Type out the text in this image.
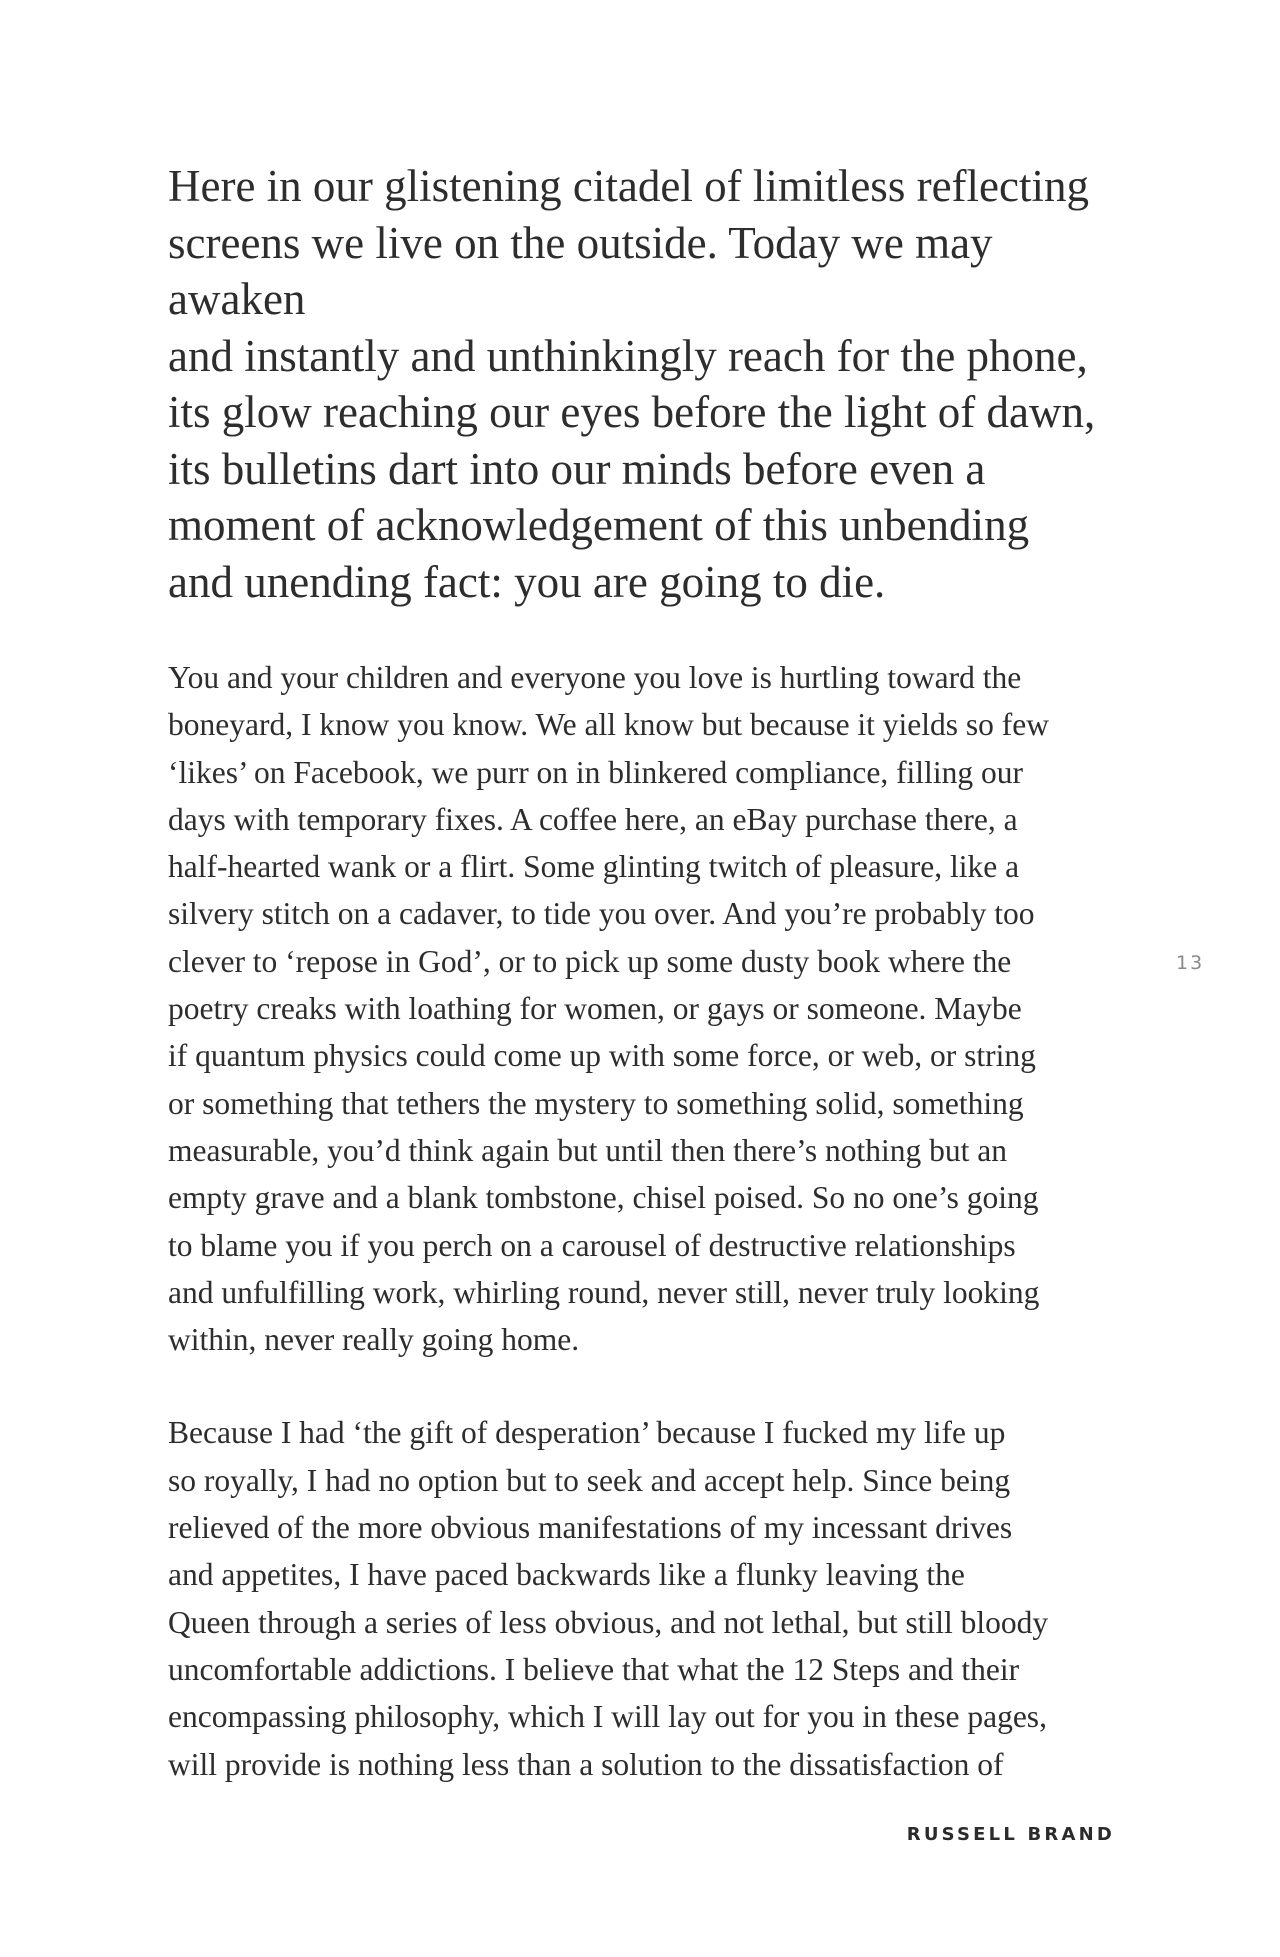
Here in our glistening citadel of limitless reflecting
screens we live on the outside. Today we may awaken
and instantly and unthinkingly reach for the phone,
its glow reaching our eyes before the light of dawn,
its bulletins dart into our minds before even a
moment of acknowledgement of this unbending
and unending fact: you are going to die.

You and your children and everyone you love is hurtling toward the
boneyard, I know you know. We all know but because it yields so few
‘likes’ on Facebook, we purr on in blinkered compliance, filling our
days with temporary fixes. A coffee here, an eBay purchase there, a
half-hearted wank or a flirt. Some glinting twitch of pleasure, like a
silvery stitch on a cadaver, to tide you over. And you’re probably too
clever to ‘repose in God’, or to pick up some dusty book where the
poetry creaks with loathing for women, or gays or someone. Maybe
if quantum physics could come up with some force, or web, or string
or something that tethers the mystery to something solid, something
measurable, you’d think again but until then there’s nothing but an
empty grave and a blank tombstone, chisel poised. So no one’s going
to blame you if you perch on a carousel of destructive relationships
and unfulfilling work, whirling round, never still, never truly looking
within, never really going home.

Because I had ‘the gift of desperation’ because I fucked my life up
so royally, I had no option but to seek and accept help. Since being
relieved of the more obvious manifestations of my incessant drives
and appetites, I have paced backwards like a flunky leaving the
Queen through a series of less obvious, and not lethal, but still bloody
uncomfortable addictions. I believe that what the 12 Steps and their
encompassing philosophy, which I will lay out for you in these pages,
will provide is nothing less than a solution to the dissatisfaction of

13
RUSSELL BRAND
